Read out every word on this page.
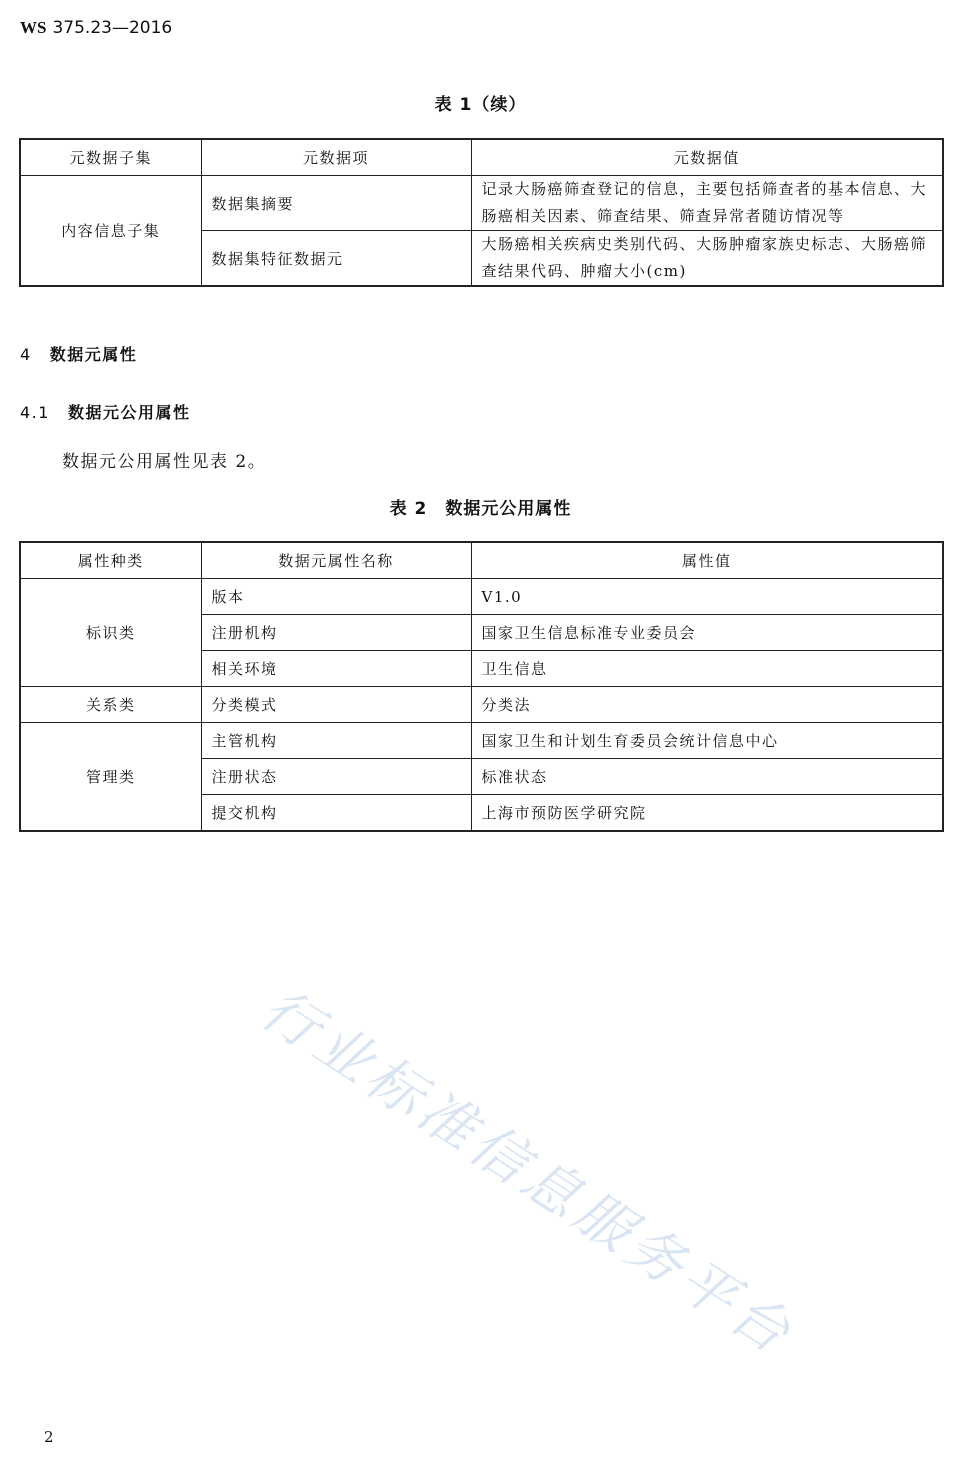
WS 375.23—2016
表 1（续）
元数据子集	元数据项	元数据值
内容信息子集	数据集摘要	记录大肠癌筛查登记的信息，主要包括筛查者的基本信息、大肠癌相关因素、筛查结果、筛查异常者随访情况等
	数据集特征数据元	大肠癌相关疾病史类别代码、大肠肿瘤家族史标志、大肠癌筛查结果代码、肿瘤大小(cm)
4 数据元属性
4.1 数据元公用属性
数据元公用属性见表 2。
表 2　数据元公用属性
属性种类	数据元属性名称	属性值
标识类	版本	V1.0
	注册机构	国家卫生信息标准专业委员会
	相关环境	卫生信息
关系类	分类模式	分类法
管理类	主管机构	国家卫生和计划生育委员会统计信息中心
	注册状态	标准状态
	提交机构	上海市预防医学研究院
行业标准信息服务平台
2
